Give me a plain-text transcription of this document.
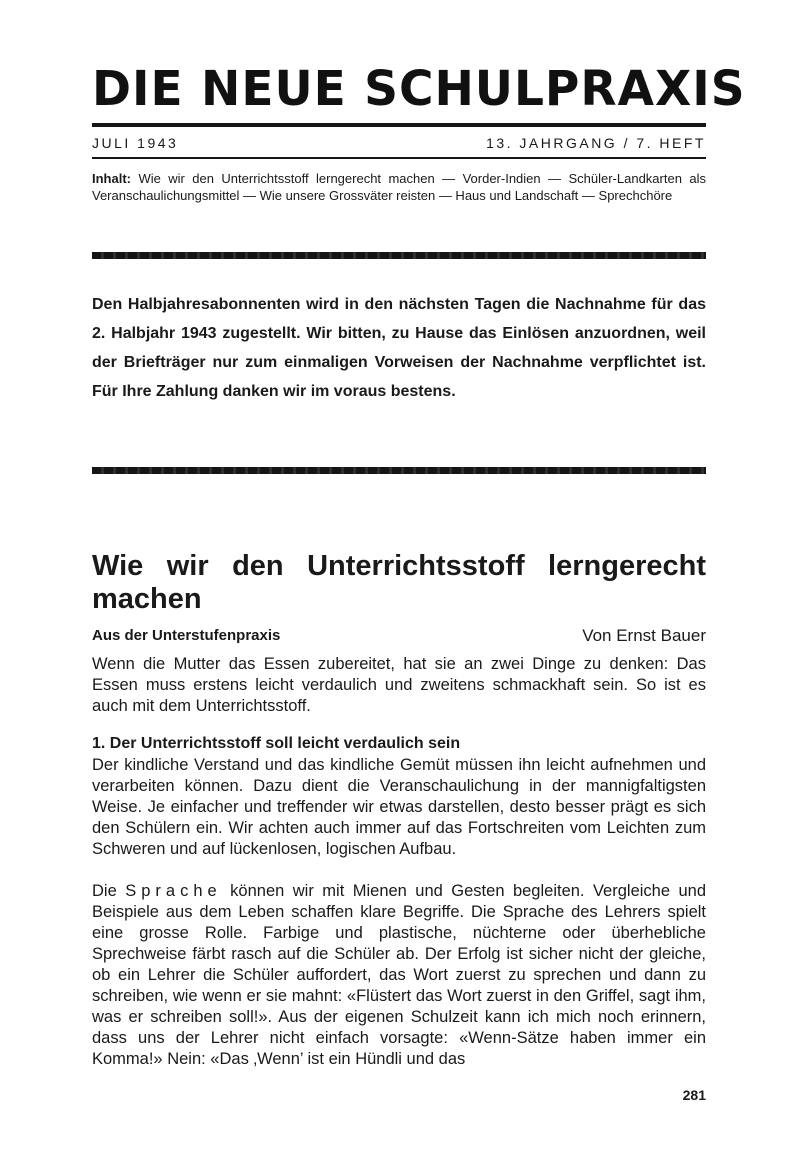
DIE NEUE SCHULPRAXIS
JULI 1943	13. JAHRGANG / 7. HEFT
Inhalt: Wie wir den Unterrichtsstoff lerngerecht machen — Vorder-Indien — Schüler-Landkarten als Veranschaulichungsmittel — Wie unsere Grossväter reisten — Haus und Landschaft — Sprechchöre
Den Halbjahresabonnenten wird in den nächsten Tagen die Nachnahme für das 2. Halbjahr 1943 zugestellt. Wir bitten, zu Hause das Einlösen anzuordnen, weil der Briefträger nur zum einmaligen Vorweisen der Nachnahme verpflichtet ist. Für Ihre Zahlung danken wir im voraus bestens.
Wie wir den Unterrichtsstoff lerngerecht machen
Aus der Unterstufenpraxis	Von Ernst Bauer

Wenn die Mutter das Essen zubereitet, hat sie an zwei Dinge zu denken: Das Essen muss erstens leicht verdaulich und zweitens schmackhaft sein. So ist es auch mit dem Unterrichtsstoff.

1. Der Unterrichtsstoff soll leicht verdaulich sein

Der kindliche Verstand und das kindliche Gemüt müssen ihn leicht aufnehmen und verarbeiten können. Dazu dient die Veranschaulichung in der mannigfaltigsten Weise. Je einfacher und treffender wir etwas darstellen, desto besser prägt es sich den Schülern ein. Wir achten auch immer auf das Fortschreiten vom Leichten zum Schweren und auf lückenlosen, logischen Aufbau.

Die Sprache können wir mit Mienen und Gesten begleiten. Vergleiche und Beispiele aus dem Leben schaffen klare Begriffe. Die Sprache des Lehrers spielt eine grosse Rolle. Farbige und plastische, nüchterne oder überhebliche Sprechweise färbt rasch auf die Schüler ab. Der Erfolg ist sicher nicht der gleiche, ob ein Lehrer die Schüler auffordert, das Wort zuerst zu sprechen und dann zu schreiben, wie wenn er sie mahnt: «Flüstert das Wort zuerst in den Griffel, sagt ihm, was er schreiben soll!». Aus der eigenen Schulzeit kann ich mich noch erinnern, dass uns der Lehrer nicht einfach vorsagte: «Wenn-Sätze haben immer ein Komma!» Nein: «Das ‚Wenn’ ist ein Hündli und das

281
